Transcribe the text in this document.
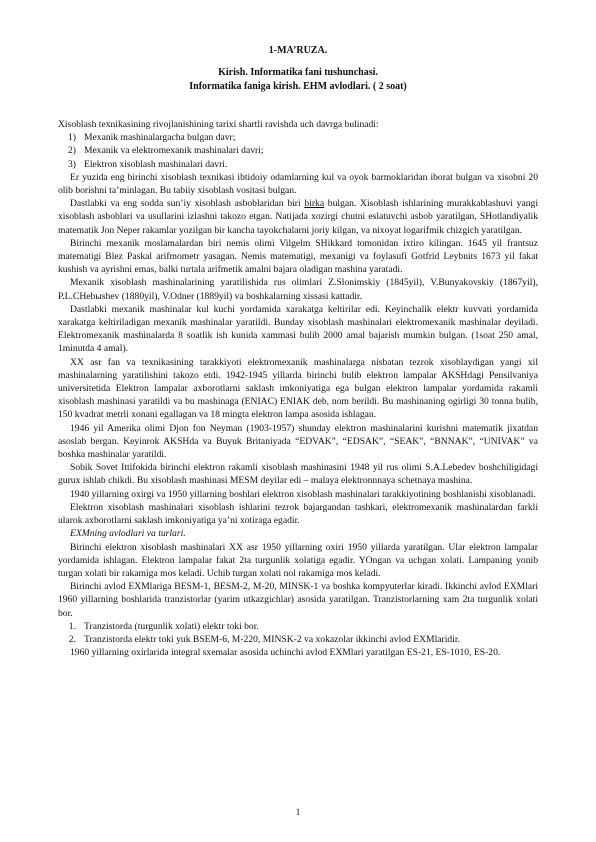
1-MA’RUZA.
Kirish. Informatika fani tushunchasi.
Informatika faniga kirish. EHM avlodlari. ( 2 soat)

Xisoblash texnikasining rivojlanishining tarixi shartli ravishda uch davrga bulinadi:

1) Mexanik mashinalargacha bulgan davr;
2) Mexanik va elektromexanik mashinalari davri;
3) Elektron xisoblash mashinalari davri.

Er yuzida eng birinchi xisoblash texnikasi ibtidoiy odamlarning kul va oyok barmoklaridan iborat bulgan va xisobni 20 olib borishni ta’minlagan. Bu tabiiy xisoblash vositasi bulgan.

Dastlabki va eng sodda sun’iy xisoblash asboblaridan biri birka bulgan. Xisoblash ishlarining murakkablashuvi yangi xisoblash asboblari va usullarini izlashni takozo etgan. Natijada xozirgi chutni eslatuvchi asbob yaratilgan, SHotlandiyalik matematik Jon Neper rakamlar yozilgan bir kancha tayokchalarni joriy kilgan, va nixoyat logarifmik chizgich yaratilgan.

Birinchi mexanik moslamalardan biri nemis olimi Vilgelm SHikkard tomonidan ixtiro kilingan. 1645 yil frantsuz matematigi Blez Paskal arifmometr yasagan. Nemis matematigi, mexanigi va foylasufi Gotfrid Leybnits 1673 yil fakat kushish va ayrishni emas, balki turtala arifmetik amalni bajara oladigan mashina yaratadi.

Mexanik xisoblash mashinalarining yaratilishida rus olimlari Z.Slonimskiy (1845yil), V.Bunyakovskiy (1867yil), P.L.CHebыshev (1880yil), V.Odner (1889yil) va boshkalarning xissasi kattadir.

Dastlabki mexanik mashinalar kul kuchi yordamida xarakatga keltirilar edi. Keyinchalik elektr kuvvati yordamida xarakatga keltiriladigan mexanik mashinalar yaratildi. Bunday xisoblash mashinalari elektromexanik mashinalar deyiladi. Elektromexanik mashinalarda 8 soatlik ish kunida xammasi bulib 2000 amal bajarish mumkin bulgan. (1soat 250 amal, 1minutda 4 amal).

XX asr fan va texnikasining tarakkiyoti elektromexanik mashinalarga nisbatan tezrok xisoblaydigan yangi xil mashinalarning yaratilishini takozo etdi. 1942-1945 yillarda birinchi bulib elektron lampalar AKSHdagi Pensilvaniya universitetida Elektron lampalar axborotlarni saklash imkoniyatiga ega bulgan elektron lampalar yordamida rakamli xisoblash mashinasi yaratildi va bu mashinaga (ENIAC) ENIAK deb, nom berildi. Bu mashinaning ogirligi 30 tonna bulib, 150 kvadrat metrli xonani egallagan va 18 mingta elektron lampa asosida ishlagan.

1946 yil Amerika olimi Djon fon Neyman (1903-1957) shunday elektron mashinalarini kurishni matematik jixatdan asoslab bergan. Keyinrok AKSHda va Buyuk Britaniyada “EDVAK”, “EDSAK”, “SEAK”, “BNNAK”, “UNIVAK” va boshka mashinalar yaratildi.

Sobik Sovet Ittifokida birinchi elektron rakamli xisoblash mashinasini 1948 yil rus olimi S.A.Lebedev boshchiligidagi gurux ishlab chikdi. Bu xisoblash mashinasi MESM deyilar edi – malaya elektronnnaya schetnaya mashina.

1940 yillarning oxirgi va 1950 yillarning boshlari elektron xisoblash mashinalari tarakkiyotining boshlanishi xisoblanadi.

Elektron xisoblash mashinalari xisoblash ishlarini tezrok bajargandan tashkari, elektromexanik mashinalardan farkli ularok axborotlarni saklash imkoniyatiga ya’ni xotiraga egadir.

EXMning avlodlari va turlari.

Birinchi elektron xisoblash mashinalari XX asr 1950 yillarning oxiri 1950 yillarda yaratilgan. Ular elektron lampalar yordamida ishlagan. Elektron lampalar fakat 2ta turgunlik xolatiga egadir. YOngan va uchgan xolati. Lampaning yonib turgan xolati bir rakamiga mos keladi. Uchib turgan xolati nol rakamiga mos keladi.

Birinchi avlod EXMlariga BESM-1, BESM-2, M-20, MINSK-1 va boshka kompyuterlar kiradi. Ikkinchi avlod EXMlari 1960 yillarning boshlarida tranzistorlar (yarim utkazgichlar) asosida yaratilgan. Tranzistorlarning xam 2ta turgunlik xolati bor.

1. Tranzistorda (turgunlik xolati) elektr toki bor.
2. Tranzistorda elektr toki yuk BSEM-6, M-220, MINSK-2 va xokazolar ikkinchi avlod EXMlaridir.

1960 yillarning oxirlarida integral sxemalar asosida uchinchi avlod EXMlari yaratilgan ES-21, ES-1010, ES-20.

1
